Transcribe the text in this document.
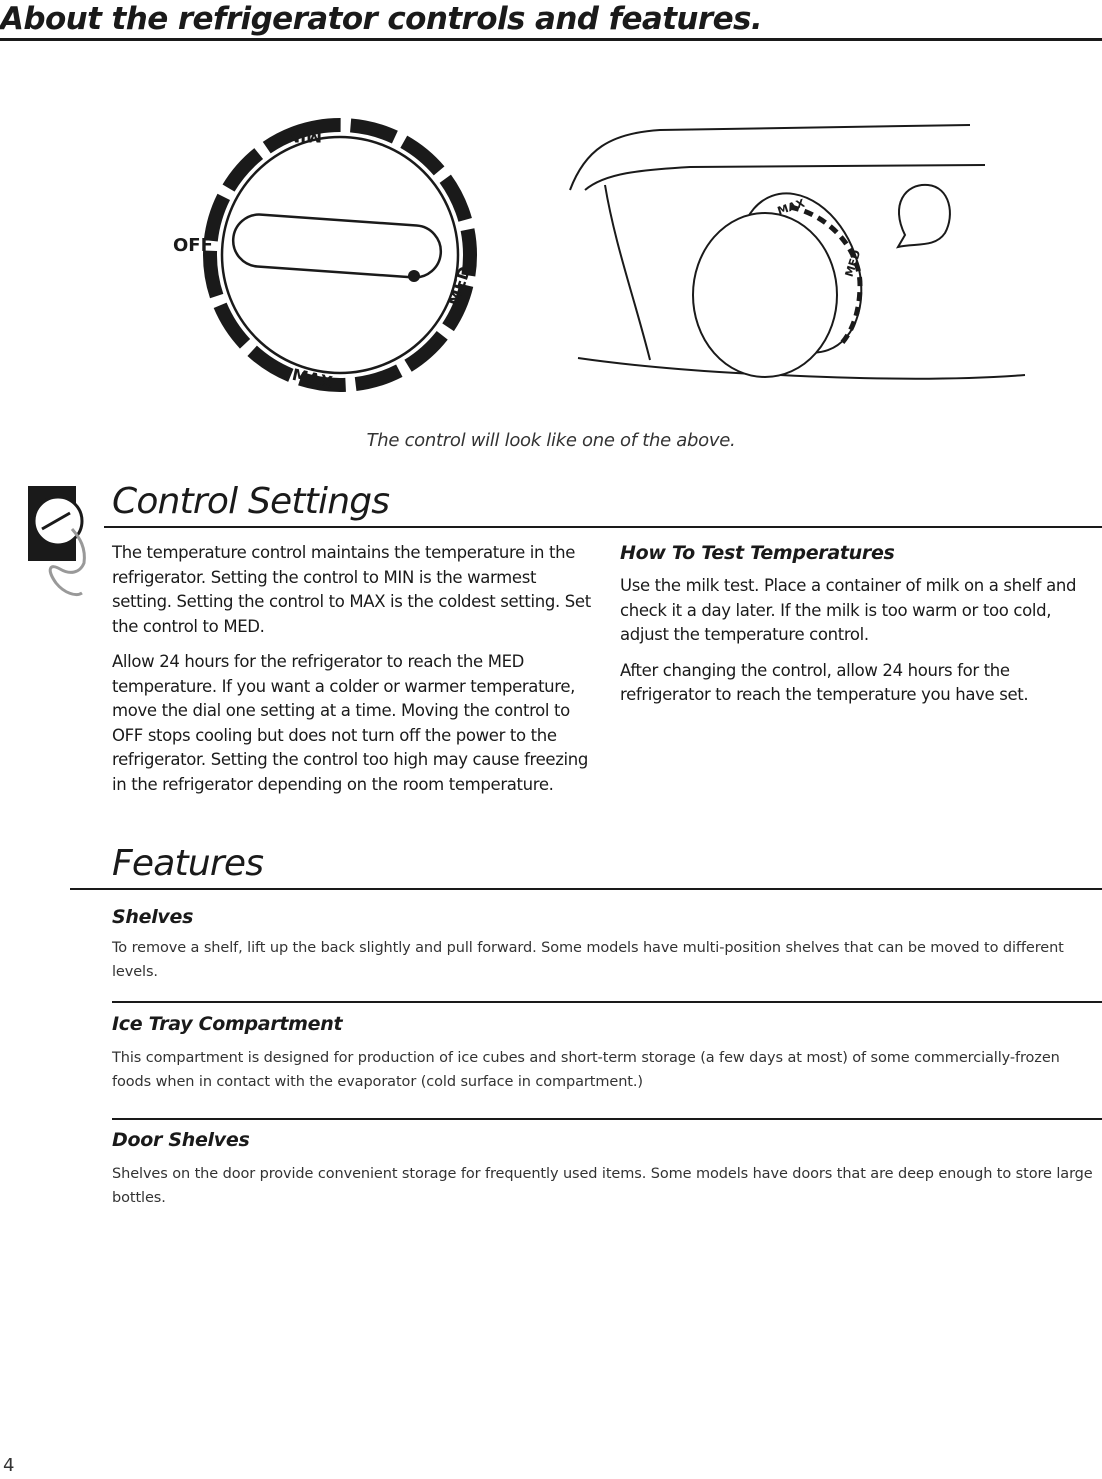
About the refrigerator controls and features.
OFF
MIN
MED
MAX
MAX
MED
The control will look like one of the above.
Control Settings

The temperature control maintains the temperature in the refrigerator. Setting the control to MIN is the warmest setting. Setting the control to MAX is the coldest setting. Set the control to MED.

Allow 24 hours for the refrigerator to reach the MED temperature. If you want a colder or warmer temperature, move the dial one setting at a time. Moving the control to OFF stops cooling but does not turn off the power to the refrigerator. Setting the control too high may cause freezing in the refrigerator depending on the room temperature.

How To Test Temperatures

Use the milk test. Place a container of milk on a shelf and check it a day later. If the milk is too warm or too cold, adjust the temperature control.

After changing the control, allow 24 hours for the refrigerator to reach the temperature you have set.

Features
Shelves

To remove a shelf, lift up the back slightly and pull forward. Some models have multi-position shelves that can be moved to different levels.

Ice Tray Compartment

This compartment is designed for production of ice cubes and short-term storage (a few days at most) of some commercially-frozen foods when in contact with the evaporator (cold surface in compartment.)

Door Shelves

Shelves on the door provide convenient storage for frequently used items. Some models have doors that are deep enough to store large bottles.

4
